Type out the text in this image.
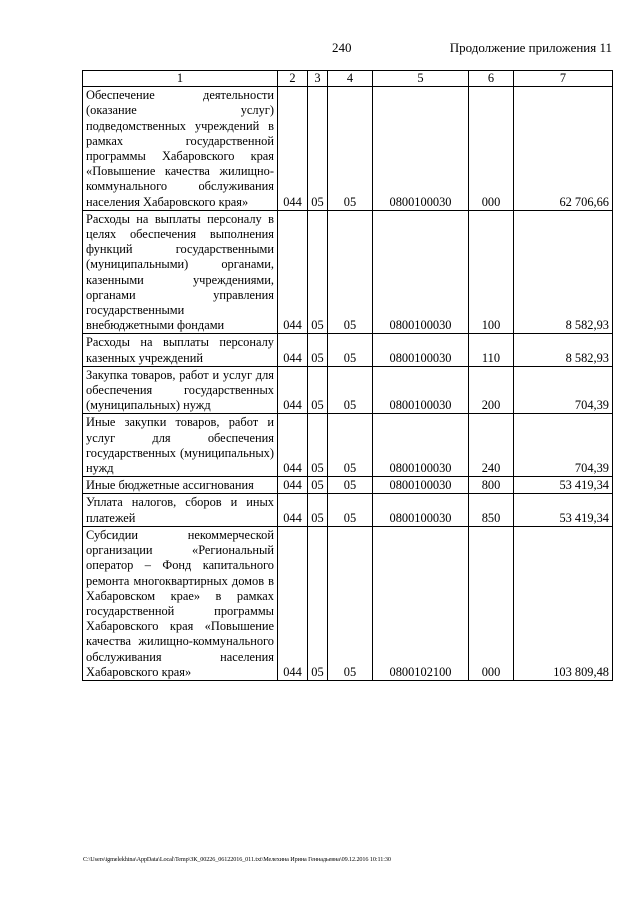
240	Продолжение приложения 11
1	2	3	4	5	6	7
Обеспечение деятельности (оказание услуг) подведомственных учреждений в рамках государственной программы Хабаровского края «Повышение качества жилищно-коммунального обслуживания населения Хабаровского края»	044	05	05	0800100030	000	62 706,66
Расходы на выплаты персоналу в целях обеспечения выполнения функций государственными (муниципальными) органами, казенными учреждениями, органами управления государственными внебюджетными фондами	044	05	05	0800100030	100	8 582,93
Расходы на выплаты персоналу казенных учреждений	044	05	05	0800100030	110	8 582,93
Закупка товаров, работ и услуг для обеспечения государственных (муниципальных) нужд	044	05	05	0800100030	200	704,39
Иные закупки товаров, работ и услуг для обеспечения государственных (муниципальных) нужд	044	05	05	0800100030	240	704,39
Иные бюджетные ассигнования	044	05	05	0800100030	800	53 419,34
Уплата налогов, сборов и иных платежей	044	05	05	0800100030	850	53 419,34
Субсидии некоммерческой организации «Региональный оператор – Фонд капитального ремонта многоквартирных домов в Хабаровском крае» в рамках государственной программы Хабаровского края «Повышение качества жилищно-коммунального обслуживания населения Хабаровского края»	044	05	05	0800102100	000	103 809,48
C:\Users\igmelekhina\AppData\Local\Temp\ЗК_00226_06122016_011.txt\Мелехина Ирина Геннадьевна\09.12.2016 10:11:30
